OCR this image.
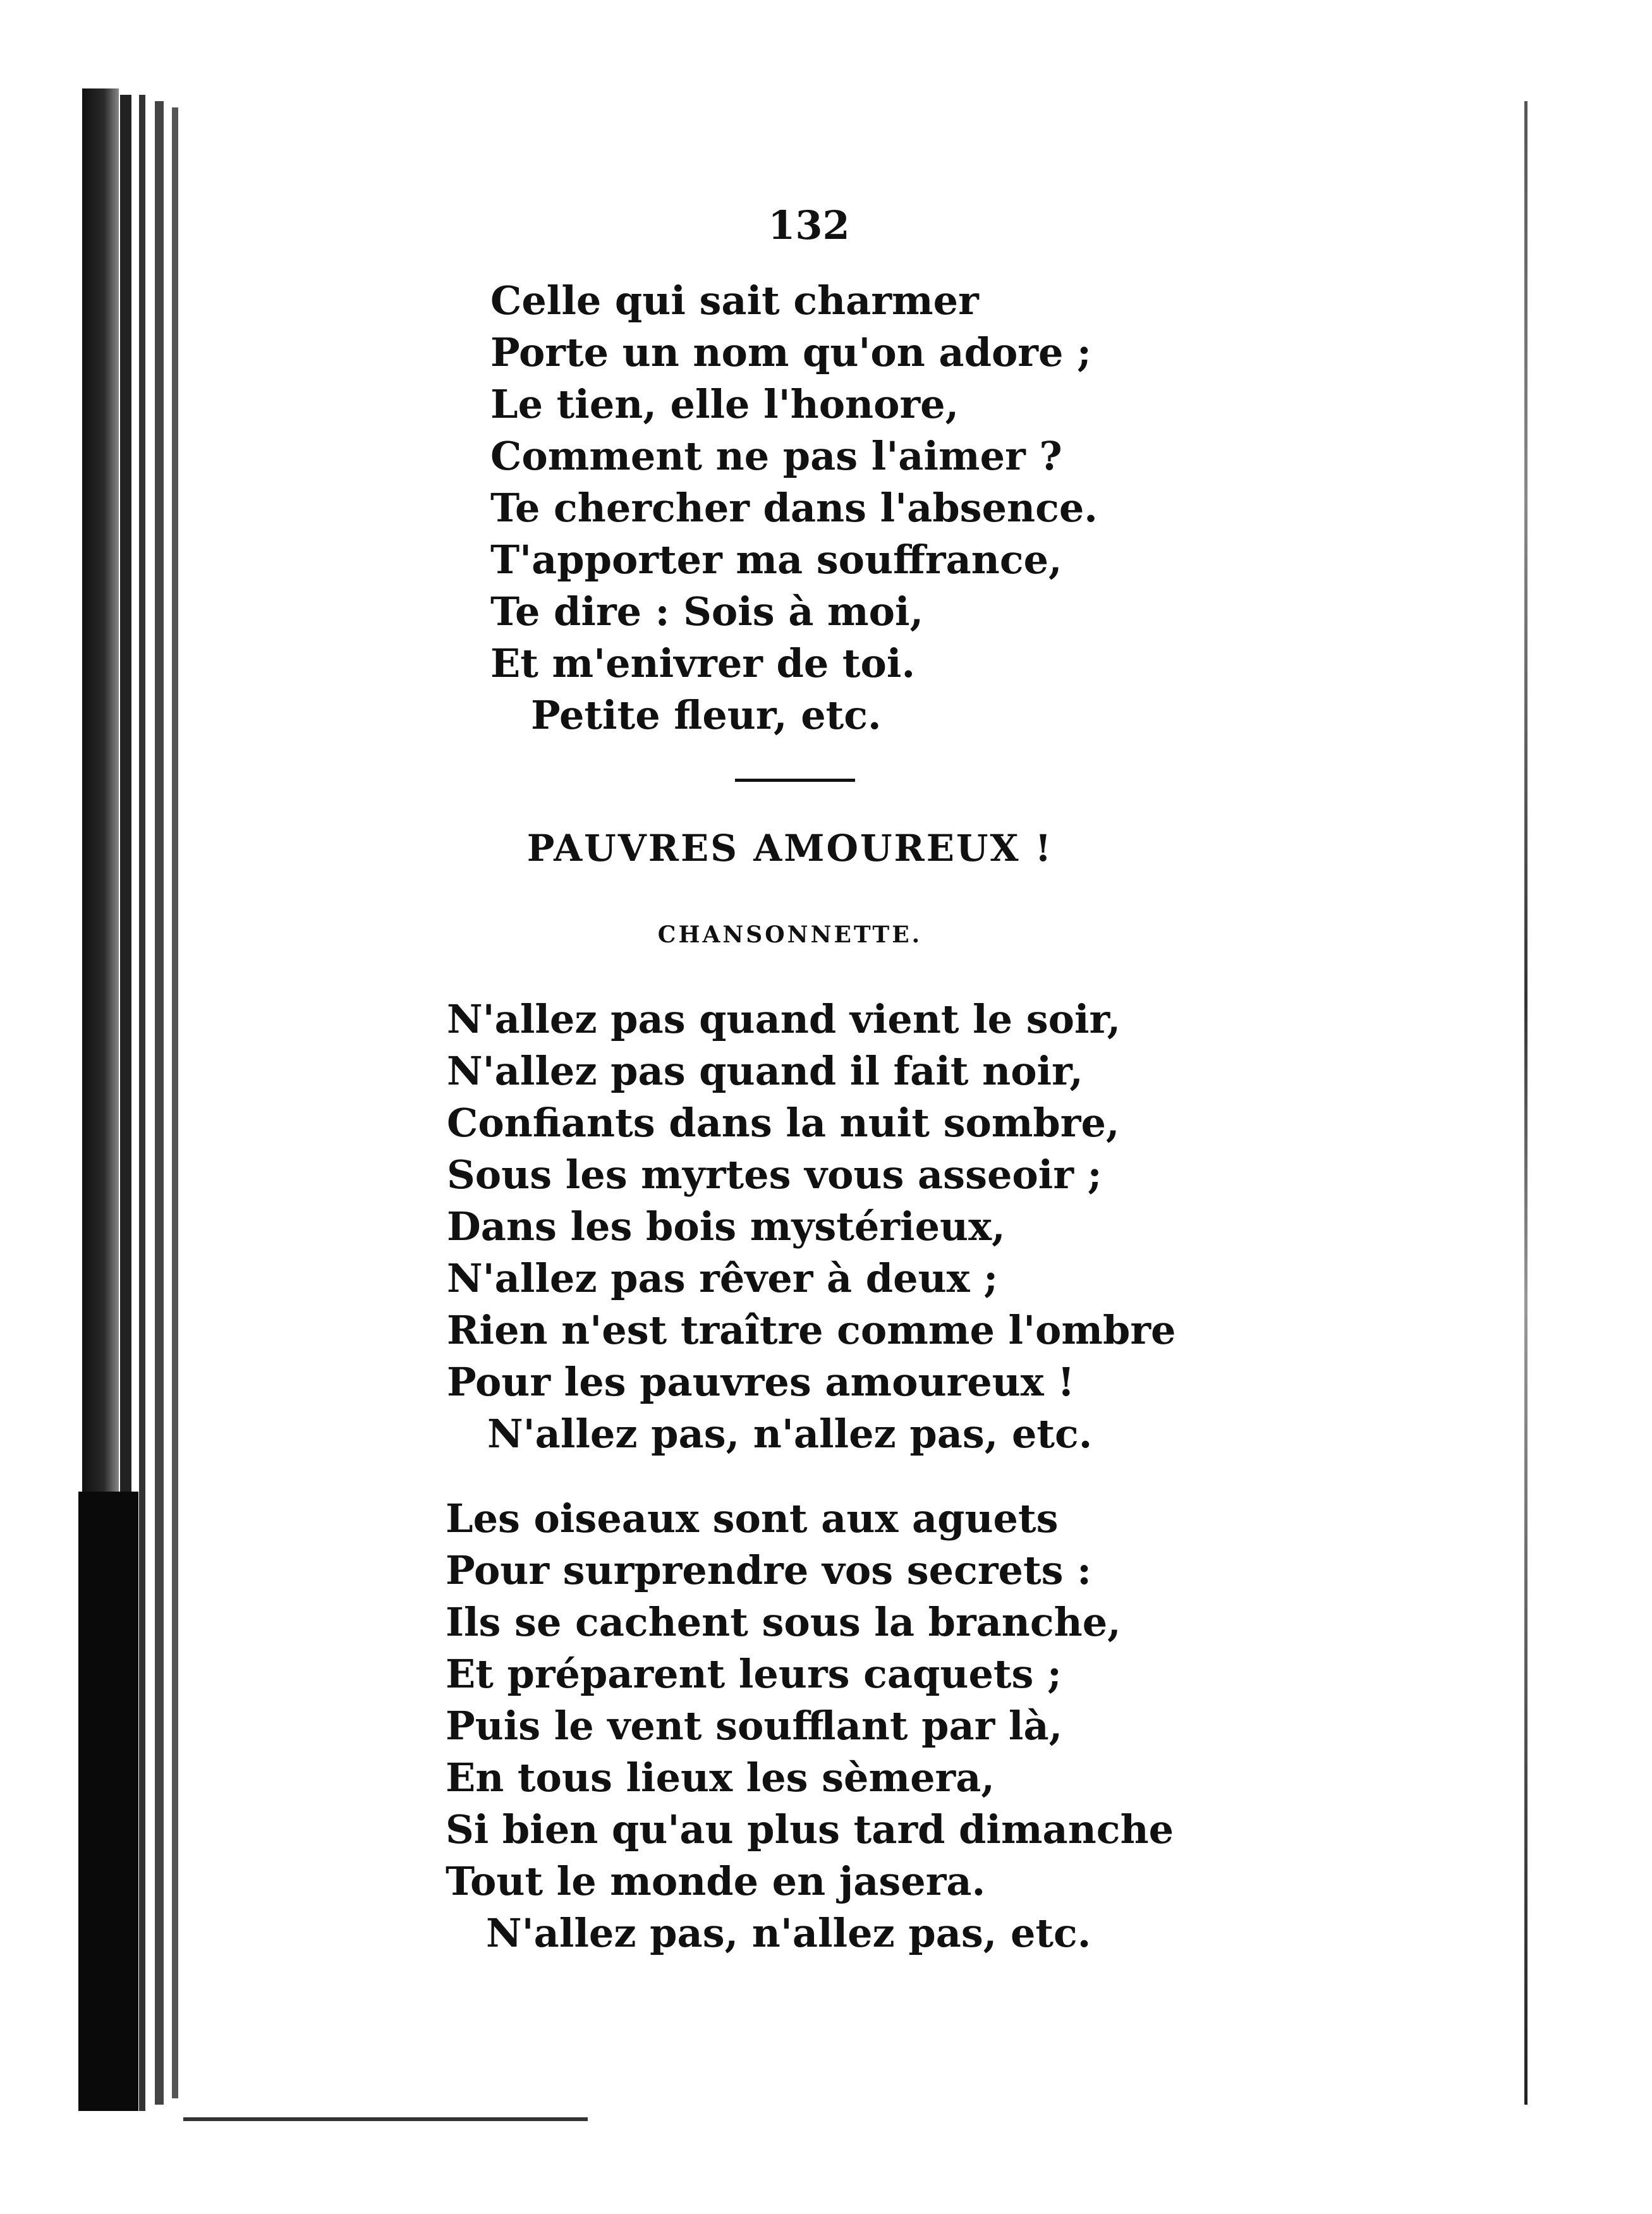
132
Celle qui sait charmer
Porte un nom qu'on adore ;
Le tien, elle l'honore,
Comment ne pas l'aimer ?
Te chercher dans l'absence.
T'apporter ma souffrance,
Te dire : Sois à moi,
Et m'enivrer de toi.
Petite fleur, etc.
PAUVRES AMOUREUX !
CHANSONNETTE.
N'allez pas quand vient le soir,
N'allez pas quand il fait noir,
Confiants dans la nuit sombre,
Sous les myrtes vous asseoir ;
Dans les bois mystérieux,
N'allez pas rêver à deux ;
Rien n'est traître comme l'ombre
Pour les pauvres amoureux !
N'allez pas, n'allez pas, etc.
Les oiseaux sont aux aguets
Pour surprendre vos secrets :
Ils se cachent sous la branche,
Et préparent leurs caquets ;
Puis le vent soufflant par là,
En tous lieux les sèmera,
Si bien qu'au plus tard dimanche
Tout le monde en jasera.
N'allez pas, n'allez pas, etc.
